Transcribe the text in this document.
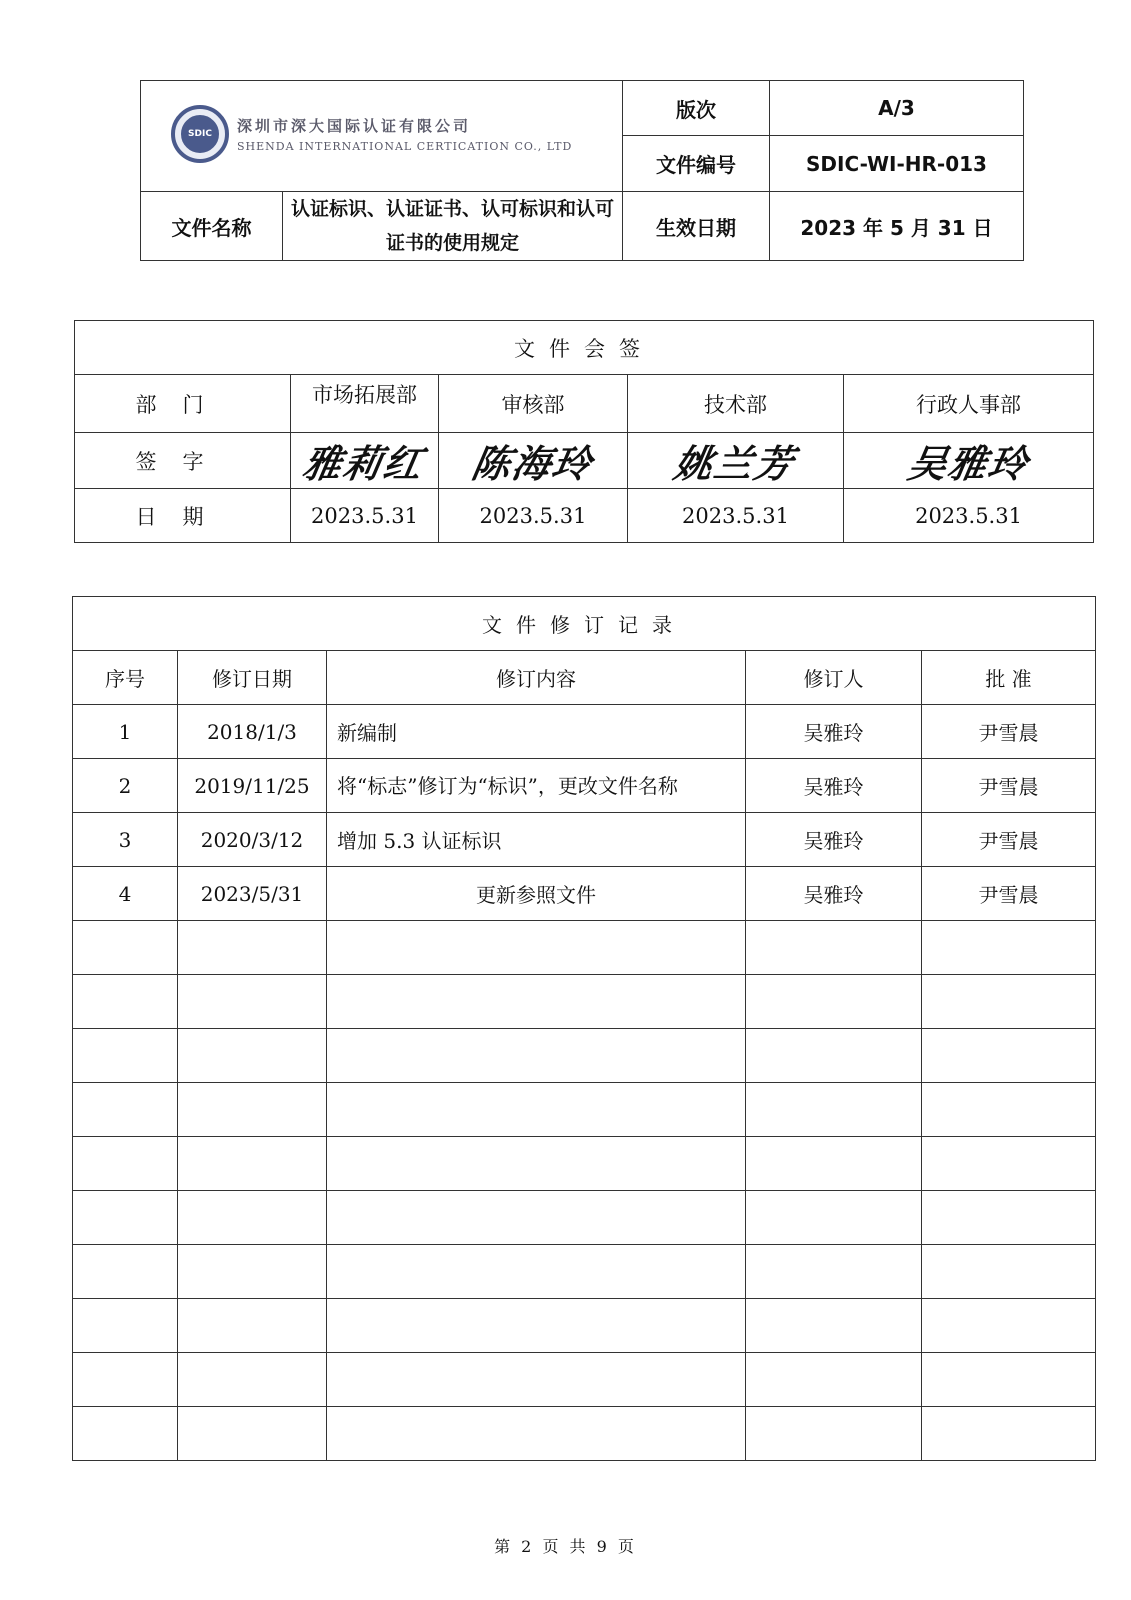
SDIC 深圳市深大国际认证有限公司
SHENDA INTERNATIONAL CERTICATION CO., LTD		版次	A/3
		文件编号	SDIC-WI-HR-013
文件名称	认证标识、认证证书、认可标识和认可证书的使用规定	生效日期	2023 年 5 月 31 日
文件会签				
部门	市场拓展部	审核部	技术部	行政人事部
签字	雅莉红	陈海玲	姚兰芳	吴雅玲
日期	2023.5.31	2023.5.31	2023.5.31	2023.5.31
文件修订记录				
序号	修订日期	修订内容	修订人	批 准
1	2018/1/3	新编制	吴雅玲	尹雪晨
2	2019/11/25	将“标志”修订为“标识”，更改文件名称	吴雅玲	尹雪晨
3	2020/3/12	增加 5.3 认证标识	吴雅玲	尹雪晨
4	2023/5/31	更新参照文件	吴雅玲	尹雪晨

第 2 页 共 9 页
